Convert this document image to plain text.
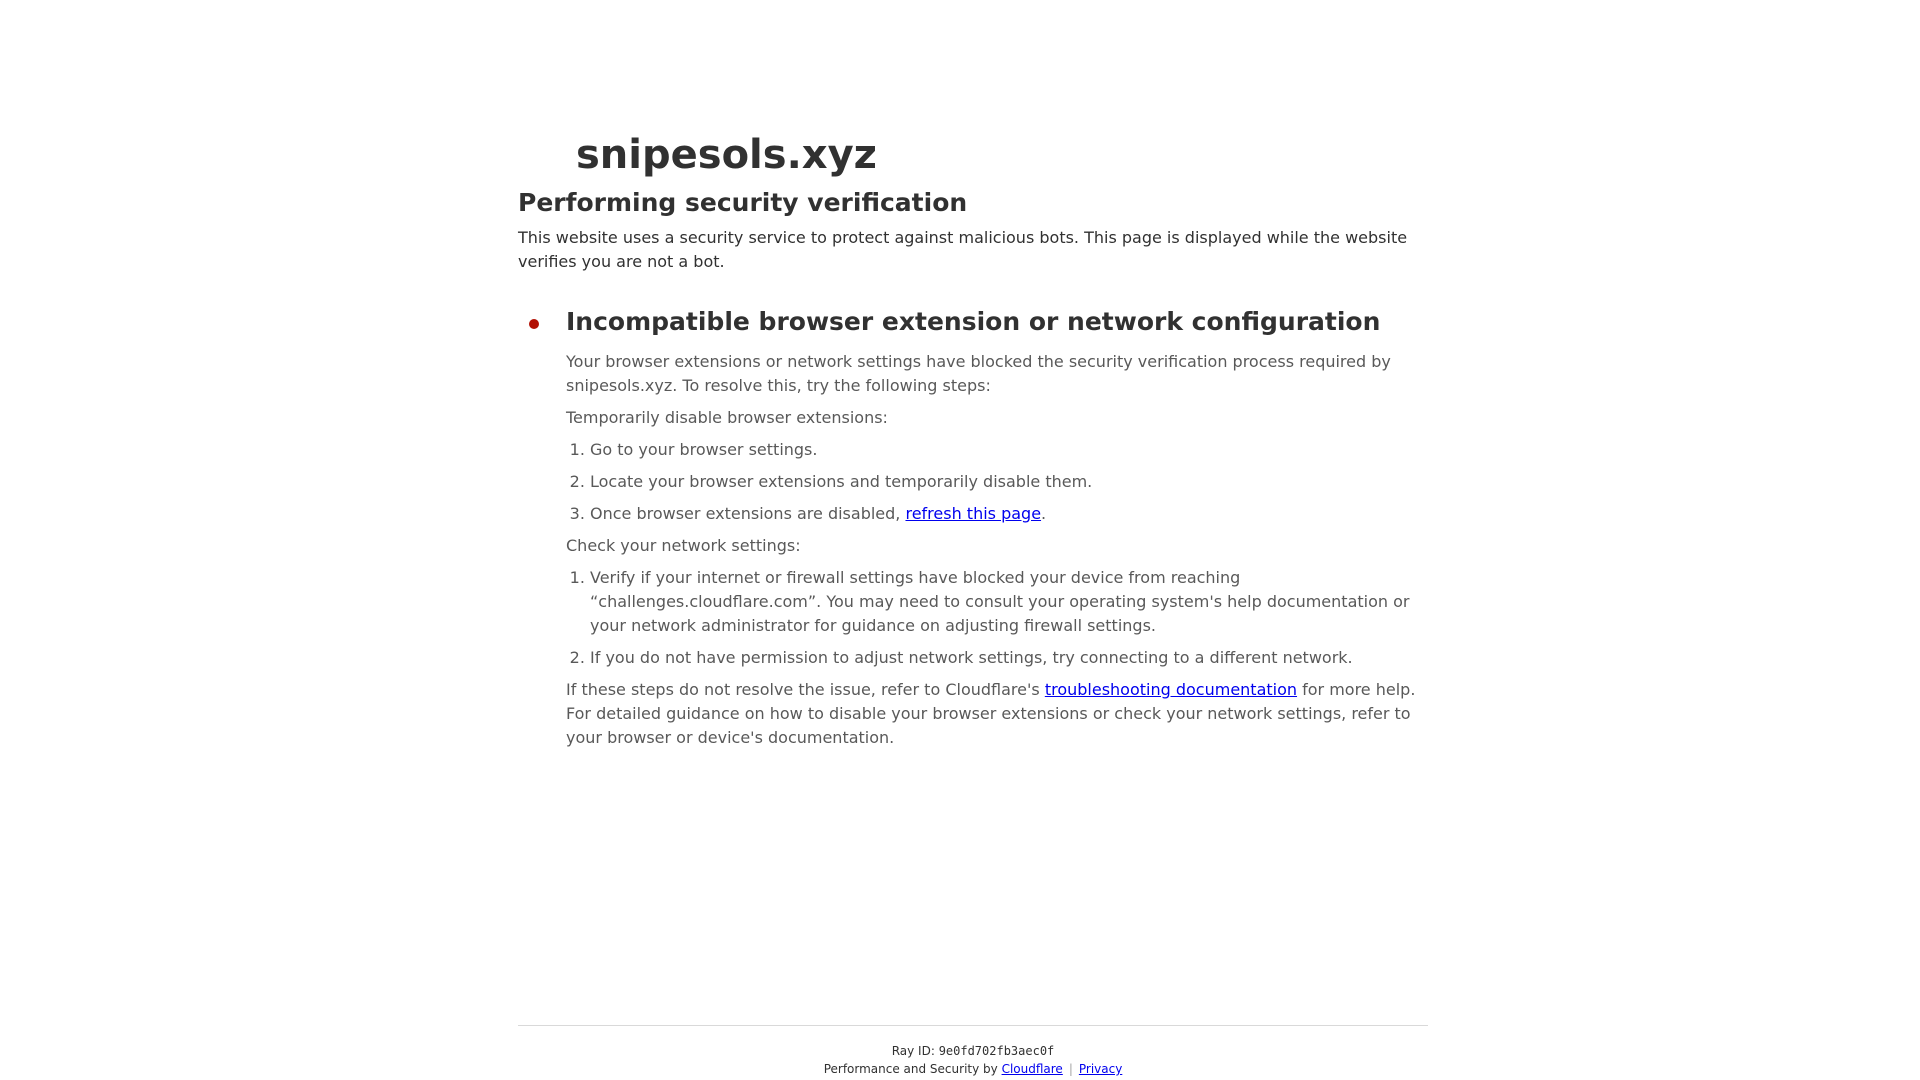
snipesols.xyz
Performing security verification

This website uses a security service to protect against malicious bots. This page is displayed while the website verifies you are not a bot.

Incompatible browser extension or network configuration

Your browser extensions or network settings have blocked the security verification process required by snipesols.xyz. To resolve this, try the following steps:

Temporarily disable browser extensions:

1. Go to your browser settings.
2. Locate your browser extensions and temporarily disable them.
3. Once browser extensions are disabled, refresh this page.

Check your network settings:

1. Verify if your internet or firewall settings have blocked your device from reaching “challenges.cloudflare.com”. You may need to consult your operating system's help documentation or your network administrator for guidance on adjusting firewall settings.
2. If you do not have permission to adjust network settings, try connecting to a different network.

If these steps do not resolve the issue, refer to Cloudflare's troubleshooting documentation for more help. For detailed guidance on how to disable your browser extensions or check your network settings, refer to your browser or device's documentation.

Ray ID: 9e0fd702fb3aec0f
Performance and Security by Cloudflare | Privacy
